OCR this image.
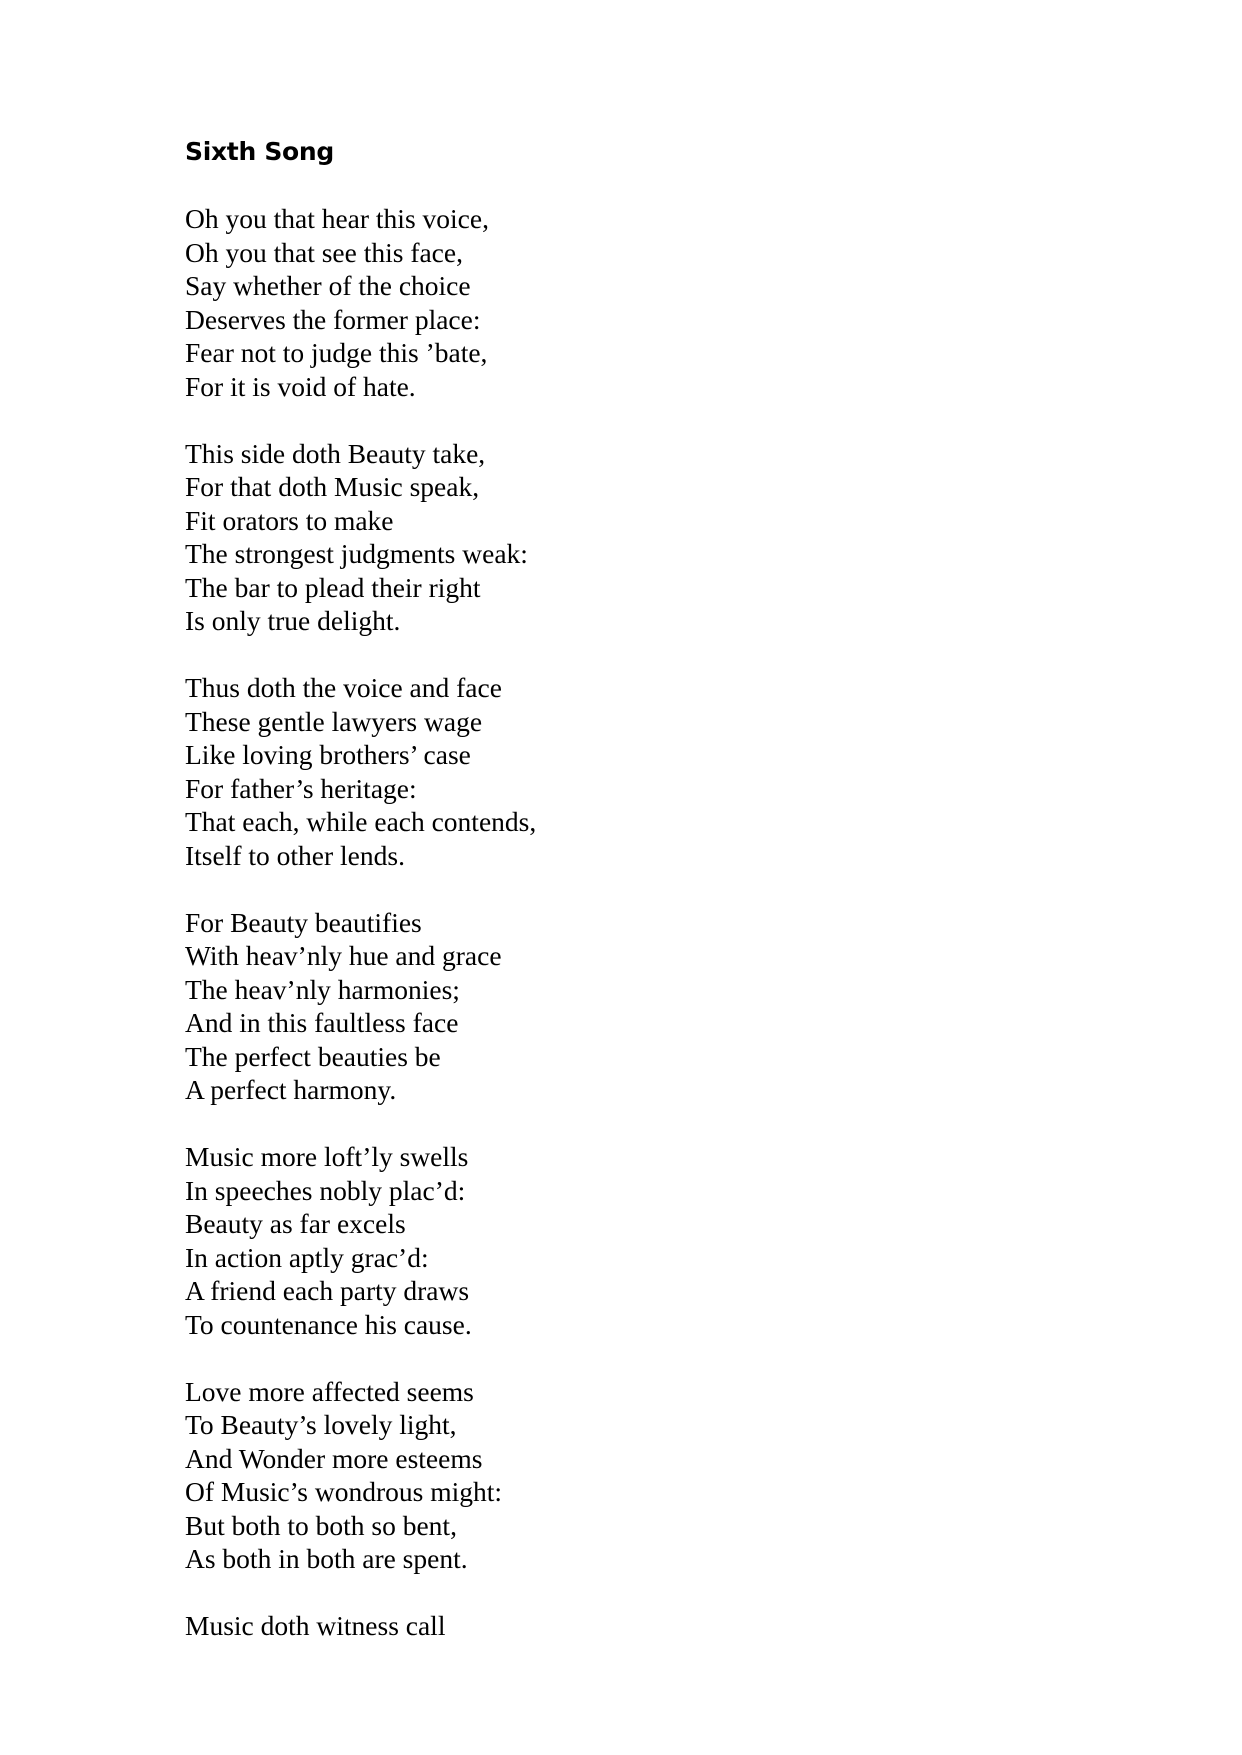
Sixth Song
Oh you that hear this voice,
Oh you that see this face,
Say whether of the choice
Deserves the former place:
Fear not to judge this ’bate,
For it is void of hate.
This side doth Beauty take,
For that doth Music speak,
Fit orators to make
The strongest judgments weak:
The bar to plead their right
Is only true delight.
Thus doth the voice and face
These gentle lawyers wage
Like loving brothers’ case
For father’s heritage:
That each, while each contends,
Itself to other lends.
For Beauty beautifies
With heav’nly hue and grace
The heav’nly harmonies;
And in this faultless face
The perfect beauties be
A perfect harmony.
Music more loft’ly swells
In speeches nobly plac’d:
Beauty as far excels
In action aptly grac’d:
A friend each party draws
To countenance his cause.
Love more affected seems
To Beauty’s lovely light,
And Wonder more esteems
Of Music’s wondrous might:
But both to both so bent,
As both in both are spent.
Music doth witness call
